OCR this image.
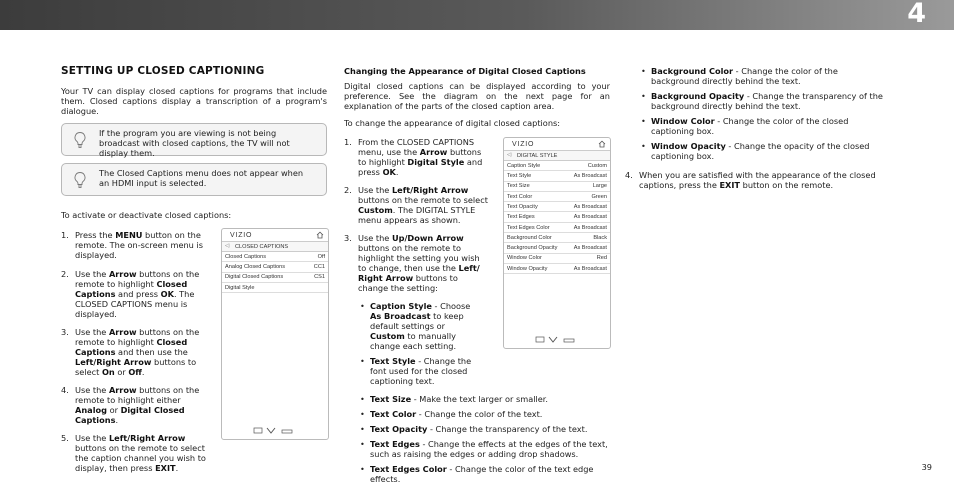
4
SETTING UP CLOSED CAPTIONING

Your TV can display closed captions for programs that include them. Closed captions display a transcription of a program's dialogue.

If the program you are viewing is not being broadcast with closed captions, the TV will not display them.
The Closed Captions menu does not appear when an HDMI input is selected.

To activate or deactivate closed captions:

1. Press the MENU button on the remote. The on-screen menu is displayed.
2. Use the Arrow buttons on the remote to highlight Closed Captions and press OK. The CLOSED CAPTIONS menu is displayed.
3. Use the Arrow buttons on the remote to highlight Closed Captions and then use the Left/Right Arrow buttons to select On or Off.
4. Use the Arrow buttons on the remote to highlight either Analog or Digital Closed Captions.
5. Use the Left/Right Arrow buttons on the remote to select the caption channel you wish to display, then press EXIT.
VIZIO
◁ CLOSED CAPTIONS
Closed Captions	Off
Analog Closed Captions	CC1
Digital Closed Captions	CS1
Digital Style
Changing the Appearance of Digital Closed Captions

Digital closed captions can be displayed according to your preference. See the diagram on the next page for an explanation of the parts of the closed caption area.

To change the appearance of digital closed captions:

1. From the CLOSED CAPTIONS menu, use the Arrow buttons to highlight Digital Style and press OK.
2. Use the Left/Right Arrow buttons on the remote to select Custom. The DIGITAL STYLE menu appears as shown.
3. Use the Up/Down Arrow buttons on the remote to highlight the setting you wish to change, then use the Left/ Right Arrow buttons to change the setting:
• Caption Style - Choose As Broadcast to keep default settings or Custom to manually change each setting.
• Text Style - Change the font used for the closed captioning text.
• Text Size - Make the text larger or smaller.
• Text Color - Change the color of the text.
• Text Opacity - Change the transparency of the text.
• Text Edges - Change the effects at the edges of the text, such as raising the edges or adding drop shadows.
• Text Edges Color - Change the color of the text edge effects.
VIZIO
◁ DIGITAL STYLE
Caption Style	Custom
Text Style	As Broadcast
Text Size	Large
Text Color	Green
Text Opacity	As Broadcast
Text Edges	As Broadcast
Text Edges Color	As Broadcast
Background Color	Black
Background Opacity	As Broadcast
Window Color	Red
Window Opacity	As Broadcast
• Background Color - Change the color of the background directly behind the text.
• Background Opacity - Change the transparency of the background directly behind the text.
• Window Color - Change the color of the closed captioning box.
• Window Opacity - Change the opacity of the closed captioning box.
4. When you are satisfied with the appearance of the closed captions, press the EXIT button on the remote.
39
